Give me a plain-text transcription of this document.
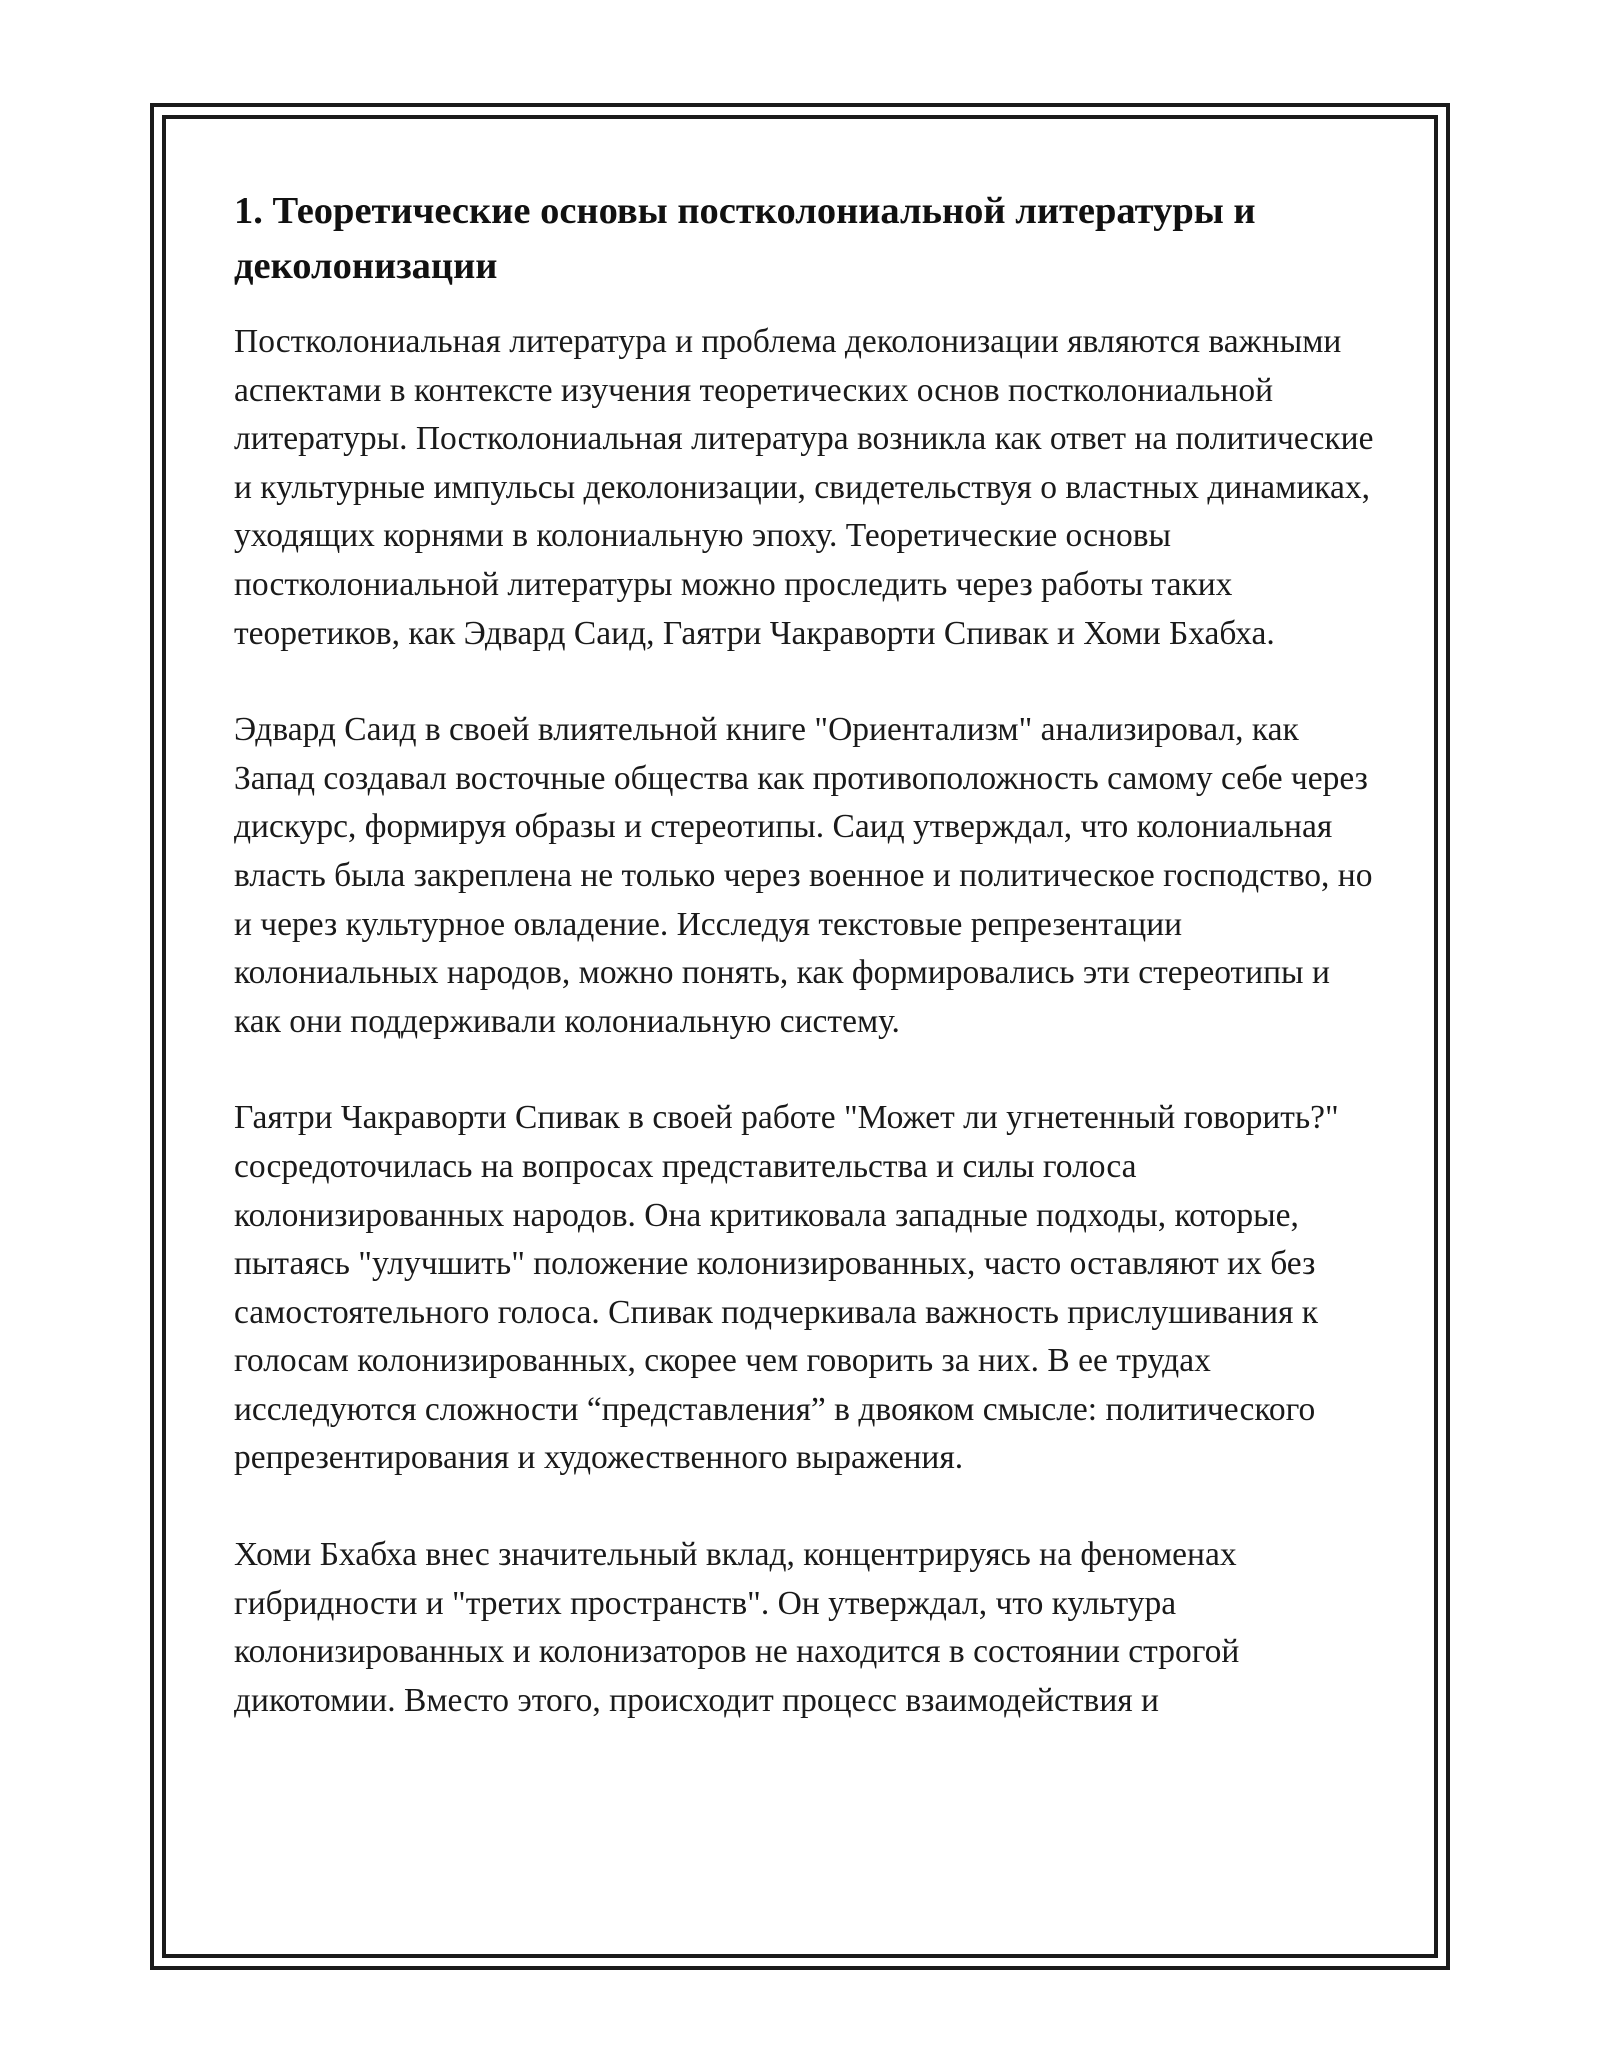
1. Теоретические основы постколониальной литературы и деколонизации

Постколониальная литература и проблема деколонизации являются важными аспектами в контексте изучения теоретических основ постколониальной литературы. Постколониальная литература возникла как ответ на политические и культурные импульсы деколонизации, свидетельствуя о властных динамиках, уходящих корнями в колониальную эпоху. Теоретические основы постколониальной литературы можно проследить через работы таких теоретиков, как Эдвард Саид, Гаятри Чакраворти Спивак и Хоми Бхабха.

Эдвард Саид в своей влиятельной книге "Ориентализм" анализировал, как Запад создавал восточные общества как противоположность самому себе через дискурс, формируя образы и стереотипы. Саид утверждал, что колониальная власть была закреплена не только через военное и политическое господство, но и через культурное овладение. Исследуя текстовые репрезентации колониальных народов, можно понять, как формировались эти стереотипы и как они поддерживали колониальную систему.

Гаятри Чакраворти Спивак в своей работе "Может ли угнетенный говорить?" сосредоточилась на вопросах представительства и силы голоса колонизированных народов. Она критиковала западные подходы, которые, пытаясь "улучшить" положение колонизированных, часто оставляют их без самостоятельного голоса. Спивак подчеркивала важность прислушивания к голосам колонизированных, скорее чем говорить за них. В ее трудах исследуются сложности “представления” в двояком смысле: политического репрезентирования и художественного выражения.

Хоми Бхабха внес значительный вклад, концентрируясь на феноменах гибридности и "третих пространств". Он утверждал, что культура колонизированных и колонизаторов не находится в состоянии строгой дикотомии. Вместо этого, происходит процесс взаимодействия и
